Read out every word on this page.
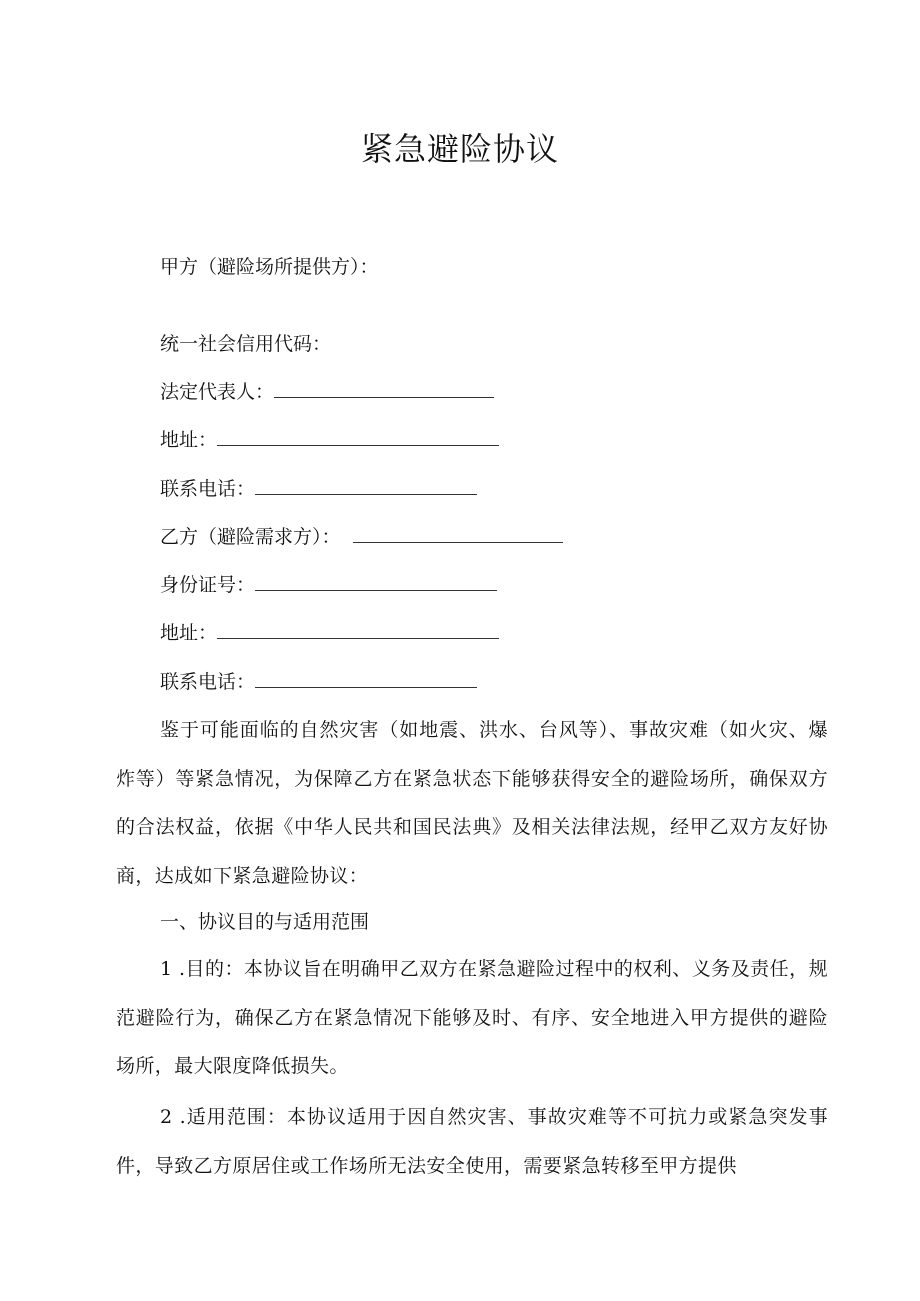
紧急避险协议
甲方（避险场所提供方）：
统一社会信用代码：
法定代表人：
地址：
联系电话：
乙方（避险需求方）：
身份证号：
地址：
联系电话：

鉴于可能面临的自然灾害（如地震、洪水、台风等）、事故灾难（如火灾、爆炸等）等紧急情况，为保障乙方在紧急状态下能够获得安全的避险场所，确保双方的合法权益，依据《中华人民共和国民法典》及相关法律法规，经甲乙双方友好协商，达成如下紧急避险协议：

一、协议目的与适用范围

1 .目的：本协议旨在明确甲乙双方在紧急避险过程中的权利、义务及责任，规范避险行为，确保乙方在紧急情况下能够及时、有序、安全地进入甲方提供的避险场所，最大限度降低损失。

2 .适用范围：本协议适用于因自然灾害、事故灾难等不可抗力或紧急突发事件，导致乙方原居住或工作场所无法安全使用，需要紧急转移至甲方提供
